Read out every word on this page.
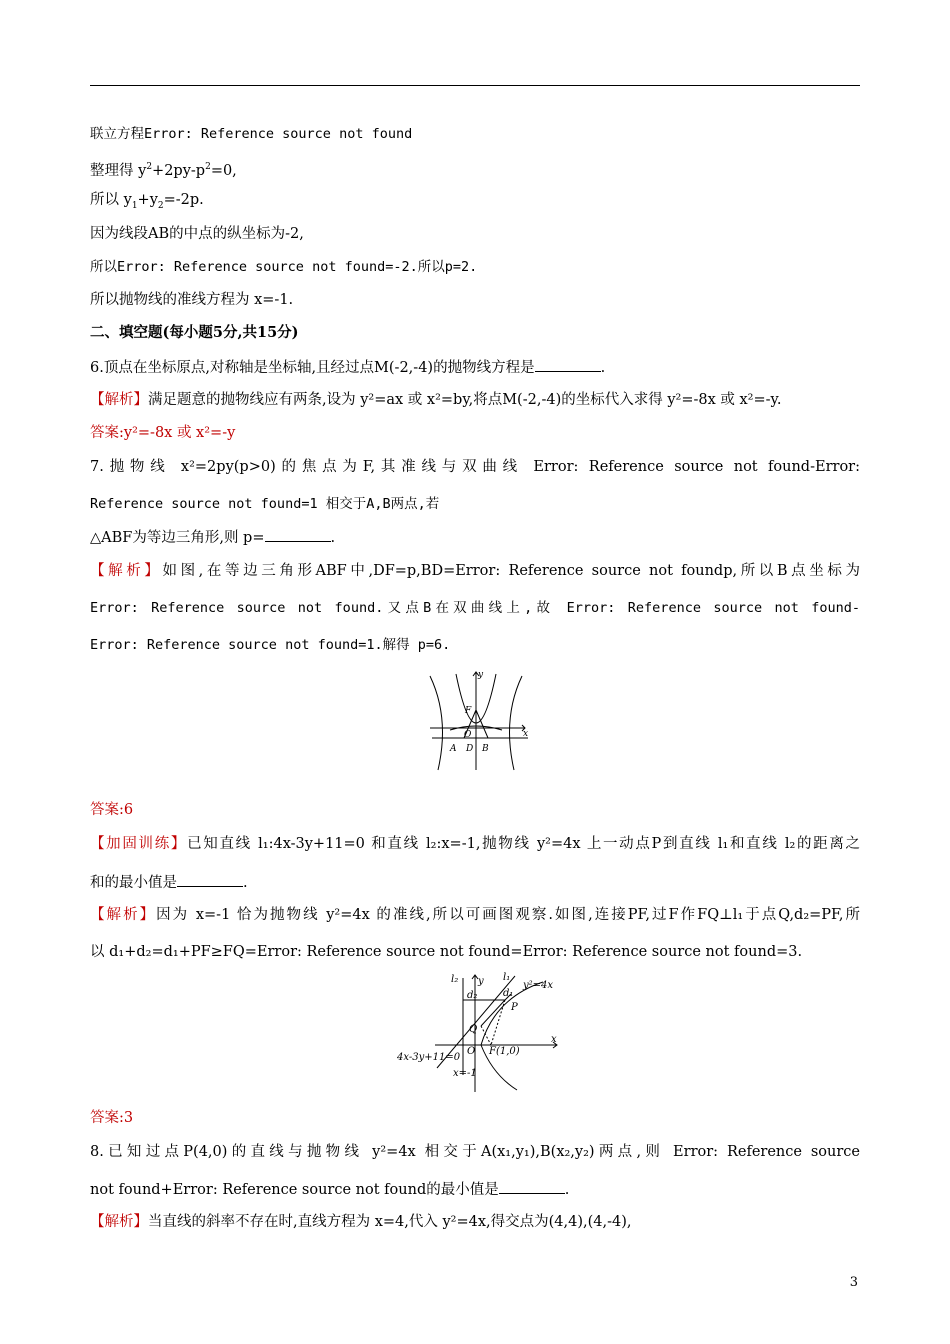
联立方程Error: Reference source not found
整理得 $y^2+2py-p^2=0$,
所以 $y_1+y_2=-2p$.
因为线段AB的中点的纵坐标为-2,
所以Error: Reference source not found=-2.所以p=2.
所以抛物线的准线方程为 x=-1.
二、填空题(每小题5分,共15分)
6.顶点在坐标原点,对称轴是坐标轴,且经过点M(-2,-4)的抛物线方程是	.
【解析】满足题意的抛物线应有两条,设为 y²=ax 或 x²=by,将点M(-2,-4)的坐标代入求得 y²=-8x 或 x²=-y.
答案:y²=-8x 或 x²=-y
7.抛物线 x²=2py(p>0)的焦点为F,其准线与双曲线 Error: Reference source not found-Error:
Reference source not found=1 相交于A,B两点,若
△ABF为等边三角形,则 p=	.
【解析】如图,在等边三角形ABF中,DF=p,BD=Error: Reference source not foundp,所以B点坐标为
Error: Reference source not found.又点B在双曲线上,故 Error: Reference source not found-
Error: Reference source not found=1.解得 p=6.
y
x
F
O
A D B
答案:6
【加固训练】已知直线 l₁:4x-3y+11=0 和直线 l₂:x=-1,抛物线 y²=4x 上一动点P到直线 l₁和直线 l₂的距离之
和的最小值是	.
【解析】因为 x=-1 恰为抛物线 y²=4x 的准线,所以可画图观察.如图,连接PF,过F作FQ⊥l₁于点Q,d₂=PF,所
以 d₁+d₂=d₁+PF≥FQ=Error: Reference source not found=Error: Reference source not found=3.
l₂ y l₁
y²=4x
d₂	d₁
P
Q
O F(1,0)
x
4x-3y+11=0
x=-1
答案:3
8.已知过点P(4,0)的直线与抛物线 y²=4x 相交于A(x₁,y₁),B(x₂,y₂)两点,则 Error: Reference source
not found+Error: Reference source not found的最小值是	.
【解析】当直线的斜率不存在时,直线方程为 x=4,代入 y²=4x,得交点为(4,4),(4,-4),
3
